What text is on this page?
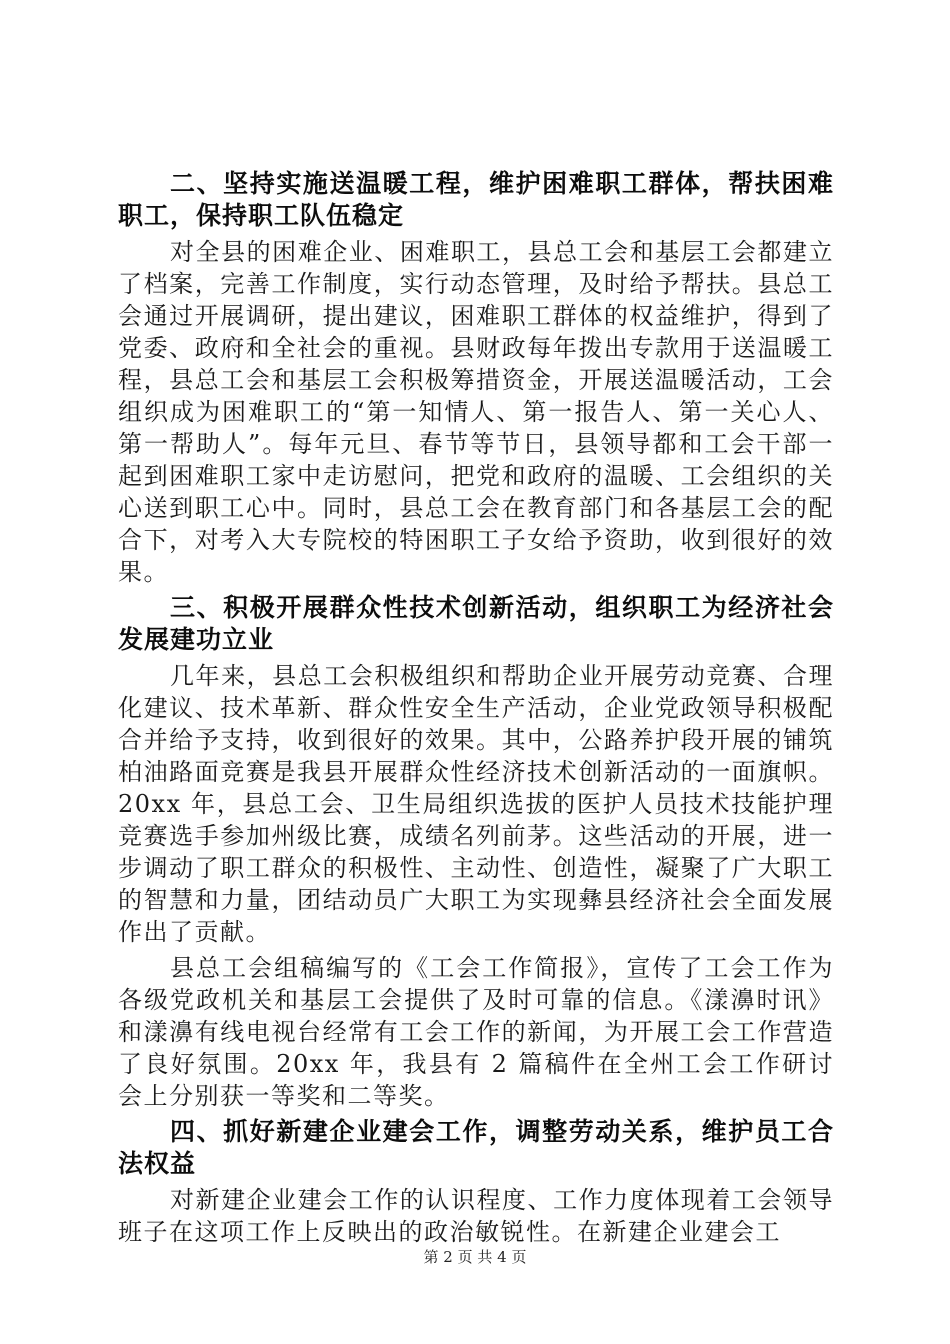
二、坚持实施送温暖工程，维护困难职工群体，帮扶困难职工，保持职工队伍稳定

对全县的困难企业、困难职工，县总工会和基层工会都建立了档案，完善工作制度，实行动态管理，及时给予帮扶。县总工会通过开展调研，提出建议，困难职工群体的权益维护，得到了党委、政府和全社会的重视。县财政每年拨出专款用于送温暖工程，县总工会和基层工会积极筹措资金，开展送温暖活动，工会组织成为困难职工的“第一知情人、第一报告人、第一关心人、第一帮助人”。每年元旦、春节等节日，县领导都和工会干部一起到困难职工家中走访慰问，把党和政府的温暖、工会组织的关心送到职工心中。同时，县总工会在教育部门和各基层工会的配合下，对考入大专院校的特困职工子女给予资助，收到很好的效果。

三、积极开展群众性技术创新活动，组织职工为经济社会发展建功立业

几年来，县总工会积极组织和帮助企业开展劳动竞赛、合理化建议、技术革新、群众性安全生产活动，企业党政领导积极配合并给予支持，收到很好的效果。其中，公路养护段开展的铺筑柏油路面竞赛是我县开展群众性经济技术创新活动的一面旗帜。20xx 年，县总工会、卫生局组织选拔的医护人员技术技能护理竞赛选手参加州级比赛，成绩名列前茅。这些活动的开展，进一步调动了职工群众的积极性、主动性、创造性，凝聚了广大职工的智慧和力量，团结动员广大职工为实现彝县经济社会全面发展作出了贡献。

县总工会组稿编写的《工会工作简报》，宣传了工会工作为各级党政机关和基层工会提供了及时可靠的信息。《漾濞时讯》和漾濞有线电视台经常有工会工作的新闻，为开展工会工作营造了良好氛围。20xx 年，我县有 2 篇稿件在全州工会工作研讨会上分别获一等奖和二等奖。

四、抓好新建企业建会工作，调整劳动关系，维护员工合法权益

对新建企业建会工作的认识程度、工作力度体现着工会领导班子在这项工作上反映出的政治敏锐性。在新建企业建会工

第 2 页 共 4 页
